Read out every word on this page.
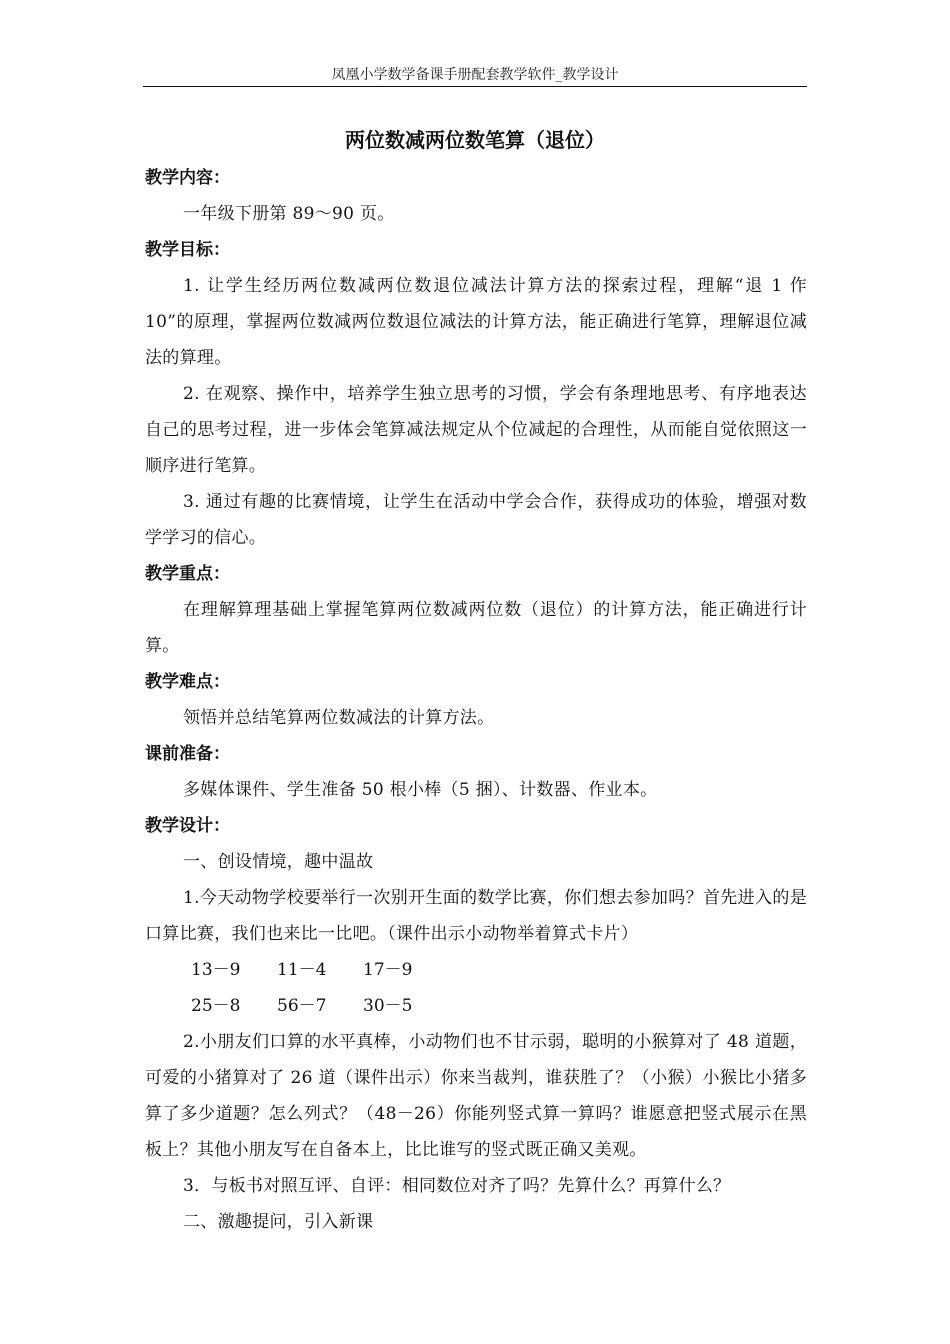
凤凰小学数学备课手册配套教学软件_教学设计
两位数减两位数笔算（退位）
教学内容：
一年级下册第 89～90 页。
教学目标：
1. 让学生经历两位数减两位数退位减法计算方法的探索过程，理解“退 1 作 10”的原理，掌握两位数减两位数退位减法的计算方法，能正确进行笔算，理解退位减法的算理。
2. 在观察、操作中，培养学生独立思考的习惯，学会有条理地思考、有序地表达自己的思考过程，进一步体会笔算减法规定从个位减起的合理性，从而能自觉依照这一顺序进行笔算。
3. 通过有趣的比赛情境，让学生在活动中学会合作，获得成功的体验，增强对数学学习的信心。
教学重点：
在理解算理基础上掌握笔算两位数减两位数（退位）的计算方法，能正确进行计算。
教学难点：
领悟并总结笔算两位数减法的计算方法。
课前准备：
多媒体课件、学生准备 50 根小棒（5 捆）、计数器、作业本。
教学设计：
一、创设情境，趣中温故
1.今天动物学校要举行一次别开生面的数学比赛，你们想去参加吗？首先进入的是口算比赛，我们也来比一比吧。（课件出示小动物举着算式卡片）
13－9 11－4 17－9
25－8 56－7 30－5
2.小朋友们口算的水平真棒，小动物们也不甘示弱，聪明的小猴算对了 48 道题，可爱的小猪算对了 26 道（课件出示）你来当裁判，谁获胜了？（小猴）小猴比小猪多算了多少道题？怎么列式？（48－26）你能列竖式算一算吗？谁愿意把竖式展示在黑板上？其他小朋友写在自备本上，比比谁写的竖式既正确又美观。
3．与板书对照互评、自评：相同数位对齐了吗？先算什么？再算什么？
二、激趣提问，引入新课
